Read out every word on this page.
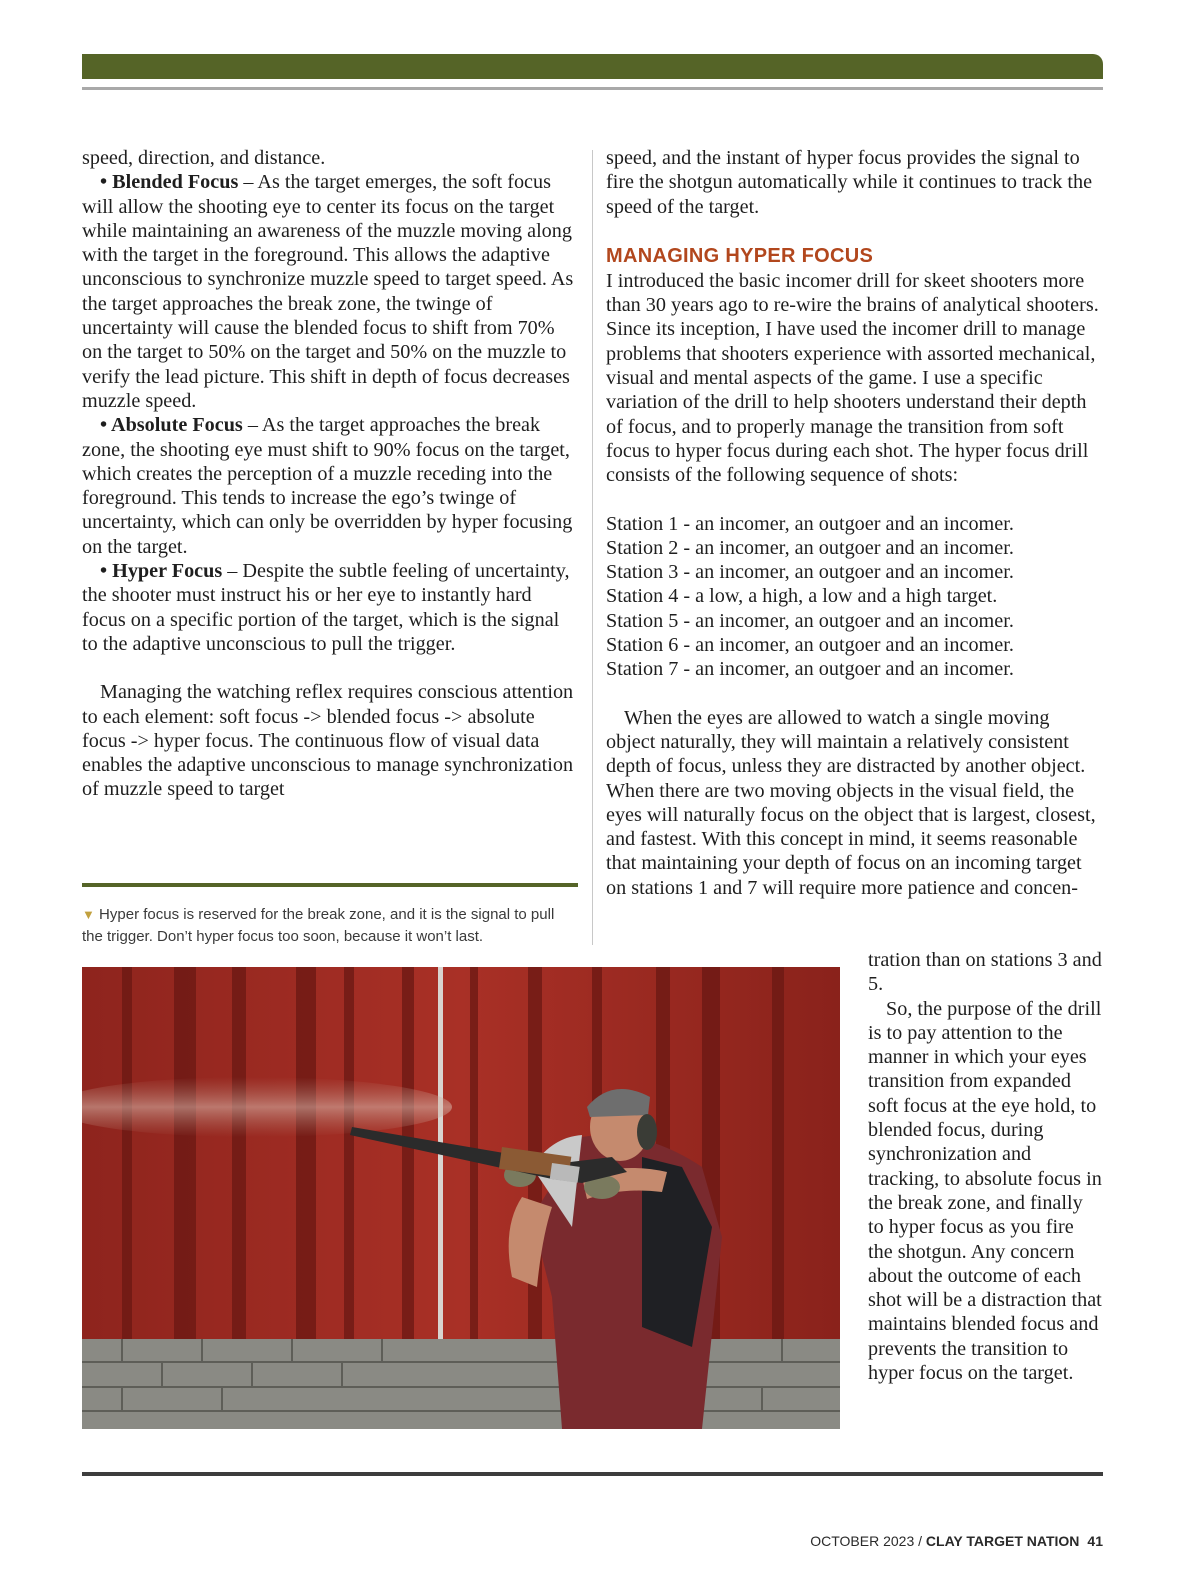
speed, direction, and distance.

• Blended Focus – As the target emerges, the soft focus will allow the shooting eye to center its focus on the target while maintaining an awareness of the muzzle moving along with the target in the foreground. This allows the adaptive unconscious to synchronize muzzle speed to target speed. As the target approaches the break zone, the twinge of uncertainty will cause the blended focus to shift from 70% on the target to 50% on the target and 50% on the muzzle to verify the lead picture. This shift in depth of focus decreases muzzle speed.

• Absolute Focus – As the target approaches the break zone, the shooting eye must shift to 90% focus on the target, which creates the perception of a muzzle receding into the foreground. This tends to increase the ego’s twinge of uncertainty, which can only be overridden by hyper focusing on the target.

• Hyper Focus – Despite the subtle feeling of uncertainty, the shooter must instruct his or her eye to instantly hard focus on a specific portion of the target, which is the signal to the adaptive unconscious to pull the trigger.

Managing the watching reflex requires conscious attention to each element: soft focus -> blended focus -> absolute focus -> hyper focus. The continuous flow of visual data enables the adaptive unconscious to manage synchronization of muzzle speed to target

speed, and the instant of hyper focus provides the signal to fire the shotgun automatically while it continues to track the speed of the target.

MANAGING HYPER FOCUS

I introduced the basic incomer drill for skeet shooters more than 30 years ago to re-wire the brains of analytical shooters. Since its inception, I have used the incomer drill to manage problems that shooters experience with assorted mechanical, visual and mental aspects of the game. I use a specific variation of the drill to help shooters understand their depth of focus, and to properly manage the transition from soft focus to hyper focus during each shot. The hyper focus drill consists of the following sequence of shots:

Station 1 - an incomer, an outgoer and an incomer.

Station 2 - an incomer, an outgoer and an incomer.

Station 3 - an incomer, an outgoer and an incomer.

Station 4 - a low, a high, a low and a high target.

Station 5 - an incomer, an outgoer and an incomer.

Station 6 - an incomer, an outgoer and an incomer.

Station 7 - an incomer, an outgoer and an incomer.

When the eyes are allowed to watch a single moving object naturally, they will maintain a relatively consistent depth of focus, unless they are distracted by another object. When there are two moving objects in the visual field, the eyes will naturally focus on the object that is largest, closest, and fastest. With this concept in mind, it seems reasonable that maintaining your depth of focus on an incoming target on stations 1 and 7 will require more patience and concen-

tration than on stations 3 and 5.

So, the purpose of the drill is to pay attention to the manner in which your eyes transition from expanded soft focus at the eye hold, to blended focus, during synchronization and tracking, to absolute focus in the break zone, and finally to hyper focus as you fire the shotgun. Any concern about the outcome of each shot will be a distraction that maintains blended focus and prevents the transition to hyper focus on the target.

▼ Hyper focus is reserved for the break zone, and it is the signal to pull the trigger. Don’t hyper focus too soon, because it won’t last.
OCTOBER 2023 / CLAY TARGET NATION 41
